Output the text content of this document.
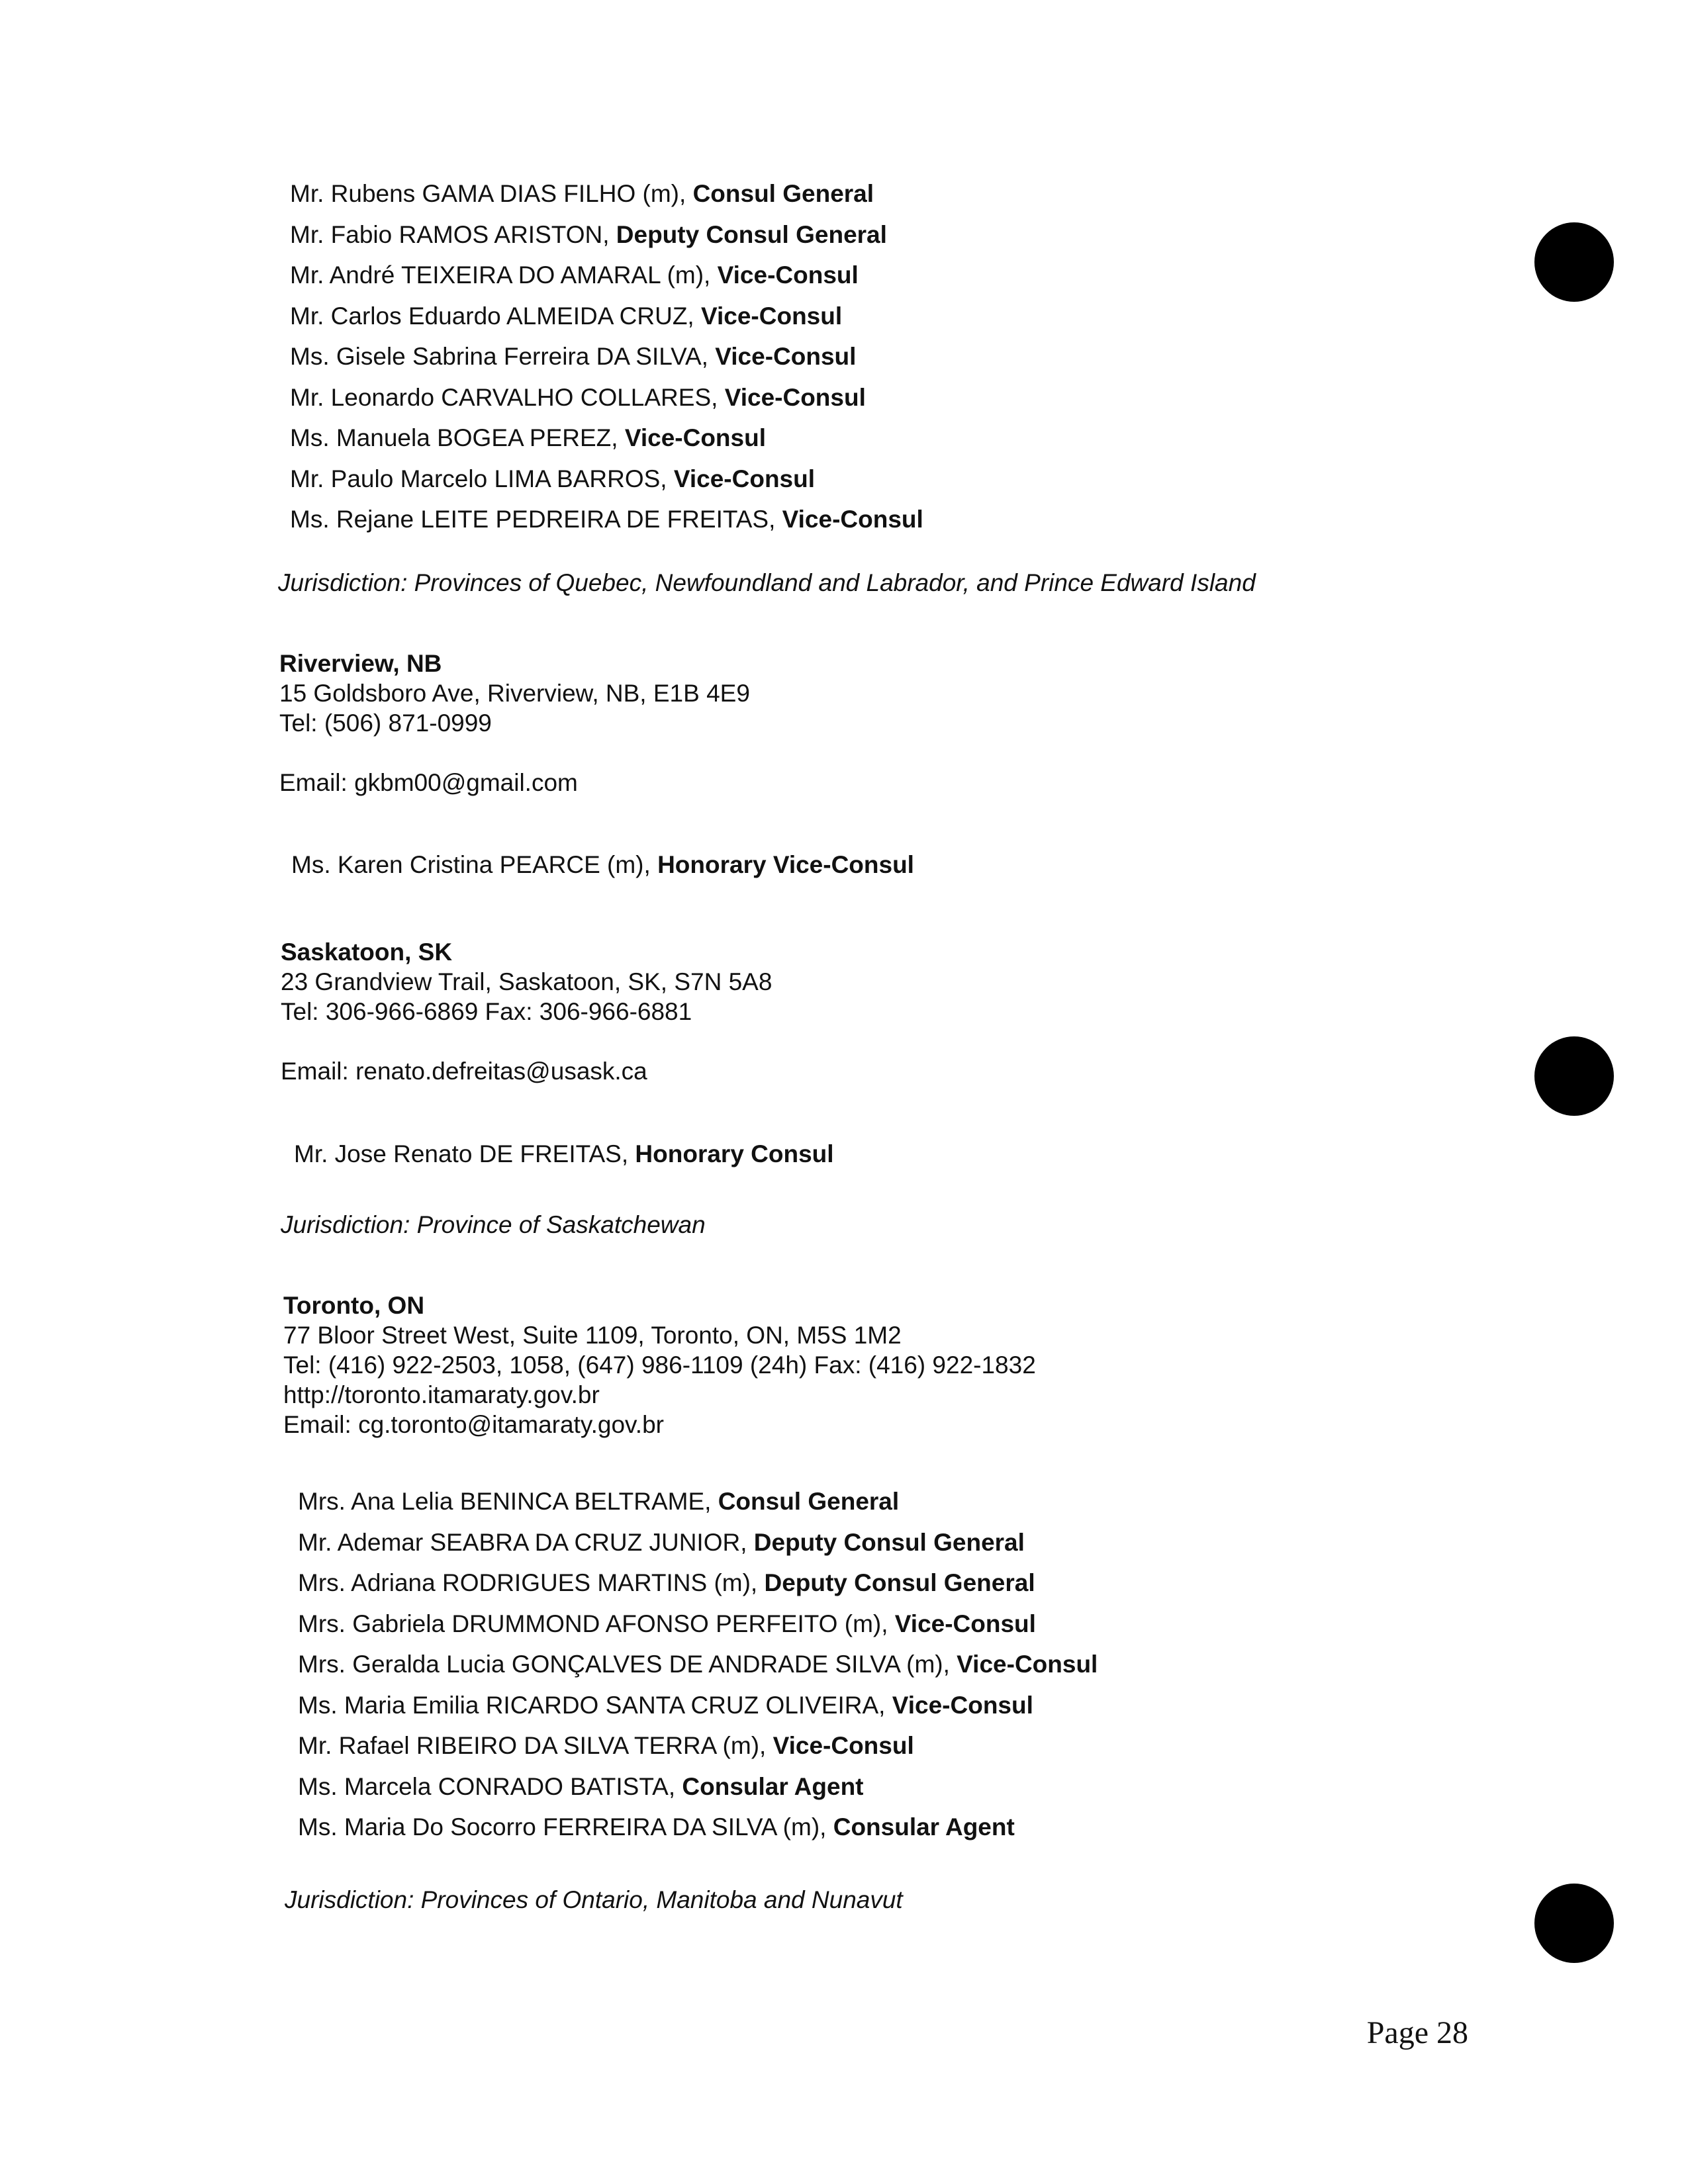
Mr. Rubens GAMA DIAS FILHO (m), Consul General
Mr. Fabio RAMOS ARISTON, Deputy Consul General
Mr. André TEIXEIRA DO AMARAL (m), Vice-Consul
Mr. Carlos Eduardo ALMEIDA CRUZ, Vice-Consul
Ms. Gisele Sabrina Ferreira DA SILVA, Vice-Consul
Mr. Leonardo CARVALHO COLLARES, Vice-Consul
Ms. Manuela BOGEA PEREZ, Vice-Consul
Mr. Paulo Marcelo LIMA BARROS, Vice-Consul
Ms. Rejane LEITE PEDREIRA DE FREITAS, Vice-Consul
Jurisdiction: Provinces of Quebec, Newfoundland and Labrador, and Prince Edward Island
Riverview, NB
15 Goldsboro Ave, Riverview, NB, E1B 4E9
Tel: (506) 871-0999
Email: gkbm00@gmail.com
Ms. Karen Cristina PEARCE (m), Honorary Vice-Consul
Saskatoon, SK
23 Grandview Trail, Saskatoon, SK, S7N 5A8
Tel: 306-966-6869 Fax: 306-966-6881
Email: renato.defreitas@usask.ca
Mr. Jose Renato DE FREITAS, Honorary Consul
Jurisdiction: Province of Saskatchewan
Toronto, ON
77 Bloor Street West, Suite 1109, Toronto, ON, M5S 1M2
Tel: (416) 922-2503, 1058, (647) 986-1109 (24h) Fax: (416) 922-1832
http://toronto.itamaraty.gov.br
Email: cg.toronto@itamaraty.gov.br
Mrs. Ana Lelia BENINCA BELTRAME, Consul General
Mr. Ademar SEABRA DA CRUZ JUNIOR, Deputy Consul General
Mrs. Adriana RODRIGUES MARTINS (m), Deputy Consul General
Mrs. Gabriela DRUMMOND AFONSO PERFEITO (m), Vice-Consul
Mrs. Geralda Lucia GONÇALVES DE ANDRADE SILVA (m), Vice-Consul
Ms. Maria Emilia RICARDO SANTA CRUZ OLIVEIRA, Vice-Consul
Mr. Rafael RIBEIRO DA SILVA TERRA (m), Vice-Consul
Ms. Marcela CONRADO BATISTA, Consular Agent
Ms. Maria Do Socorro FERREIRA DA SILVA (m), Consular Agent
Jurisdiction: Provinces of Ontario, Manitoba and Nunavut
Page 28
